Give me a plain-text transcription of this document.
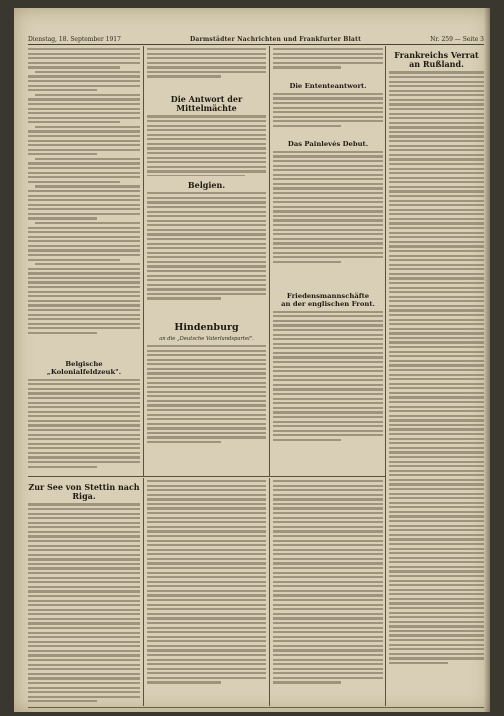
Dienstag, 18. September 1917	Darmstädter Nachrichten und Frankfurter Blatt	Nr. 259 — Seite 3
Belgische „Kolonialfeldzeuk".
Die Antwort der Mittelmächte
Belgien.
Hindenburg
an die „Deutsche Vaterlandspartei".
Die Ententeantwort.
Das Painlevés Debut.
Friedensmannschäfte
an der englischen Front.
Frankreichs Verrat an Rußland.
Zur See von Stettin nach Riga.
